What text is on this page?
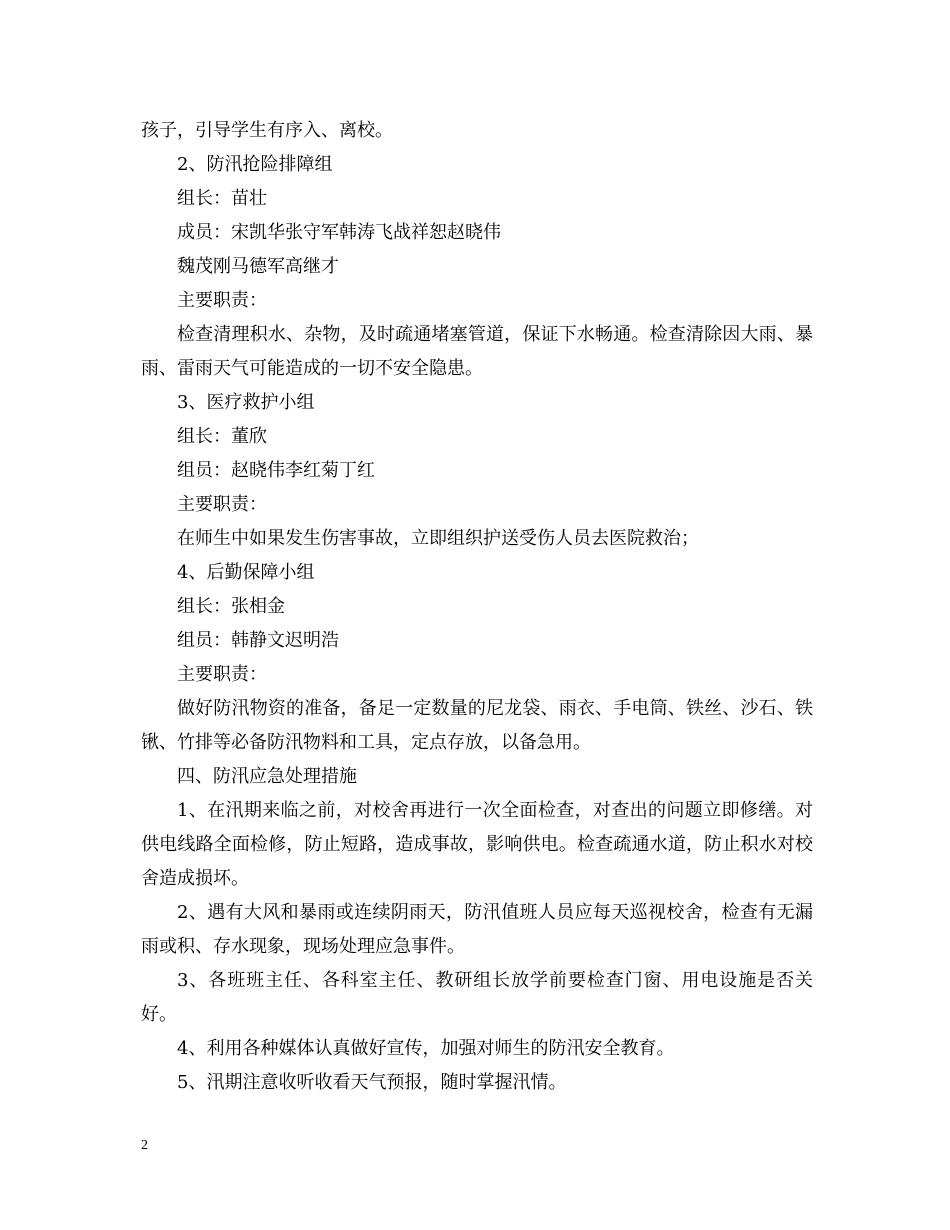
孩子，引导学生有序入、离校。

2、防汛抢险排障组

组长：苗壮

成员：宋凯华张守军韩涛飞战祥恕赵晓伟

魏茂刚马德军高继才

主要职责：

检查清理积水、杂物，及时疏通堵塞管道，保证下水畅通。检查清除因大雨、暴雨、雷雨天气可能造成的一切不安全隐患。

3、医疗救护小组

组长：董欣

组员：赵晓伟李红菊丁红

主要职责：

在师生中如果发生伤害事故，立即组织护送受伤人员去医院救治；

4、后勤保障小组

组长：张相金

组员：韩静文迟明浩

主要职责：

做好防汛物资的准备，备足一定数量的尼龙袋、雨衣、手电筒、铁丝、沙石、铁锹、竹排等必备防汛物料和工具，定点存放，以备急用。

四、防汛应急处理措施

1、在汛期来临之前，对校舍再进行一次全面检查，对查出的问题立即修缮。对供电线路全面检修，防止短路，造成事故，影响供电。检查疏通水道，防止积水对校舍造成损坏。

2、遇有大风和暴雨或连续阴雨天，防汛值班人员应每天巡视校舍，检查有无漏雨或积、存水现象，现场处理应急事件。

3、各班班主任、各科室主任、教研组长放学前要检查门窗、用电设施是否关好。

4、利用各种媒体认真做好宣传，加强对师生的防汛安全教育。

5、汛期注意收听收看天气预报，随时掌握汛情。

2
